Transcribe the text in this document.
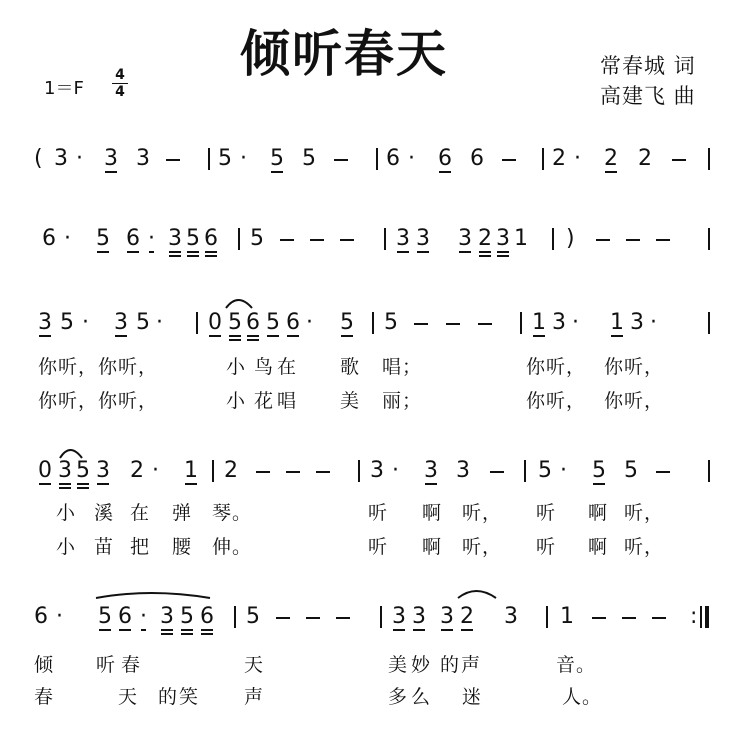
倾听春天	常春城 词
高建飞 曲
1＝F
4
4
( 3 · 3 3	5 · 5 5	6 · 6 6	2 · 2 2
6 · 5 6 · 3 5 6 5	3 3 3 2 3 1 )
3 5 · 3 5 · 0 5 6 5 6 · 5 5	1 3 · 1 3 ·
你听，你听，	小 鸟在 歌 唱；	你听， 你听，
你听，你听，	小 花唱 美 丽；	你听， 你听，
0 3 5 3 2 · 1 2	3 · 3 3	5 · 5 5
小 溪 在 弹 琴。	听 啊 听， 听 啊 听，
小 苗 把 腰 伸。	听 啊 听， 听 啊 听，
6 · 5 6 · 3 5 6 5	3 3 3 2 3 1	:
倾 听春	天	美妙 的声	音。
春	天 的笑 声	多么 迷	人。
